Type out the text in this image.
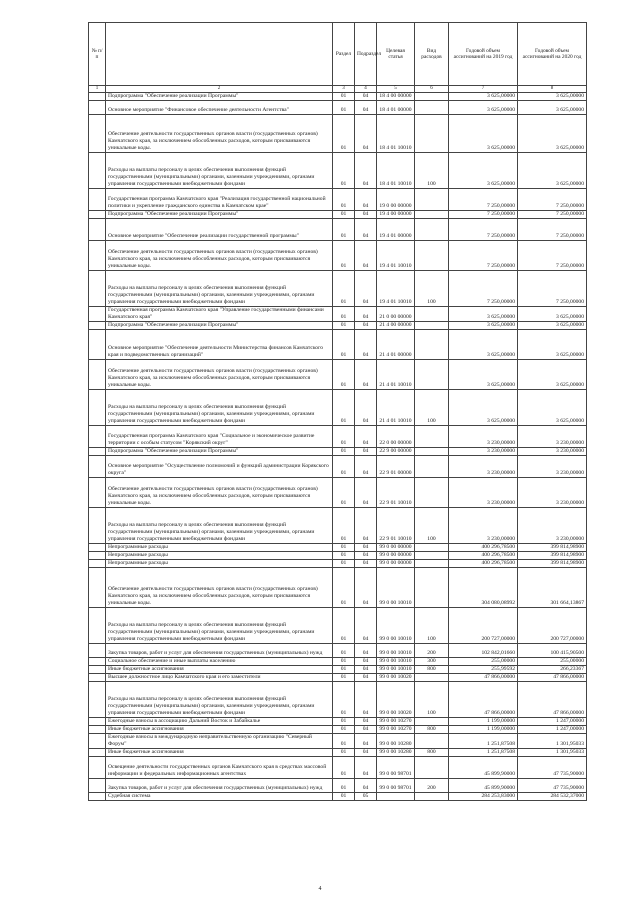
№ п/п		Раздел	Подраздел	Целевая статья	Вид расходов	Годовой объем ассигнований на 2019 год	Годовой объем ассигнований на 2020 год
1	2	3	4	5	6	7	8
	Подпрограмма "Обеспечение реализации Программы"	01	04	18 4 00 00000		3 625,00000	3 625,00000
	Основное мероприятие "Финансовое обеспечение деятельности Агентства"	01	04	18 4 01 00000		3 625,00000	3 625,00000
	Обеспечение деятельности государственных органов власти (государственных органов) Камчатского края, за исключением обособленных расходов, которым присваиваются уникальные коды.	01	04	18 4 01 10010		3 625,00000	3 625,00000
	Расходы на выплаты персоналу в целях обеспечения выполнения функций государственными (муниципальными) органами, казенными учреждениями, органами управления государственными внебюджетными фондами	01	04	18 4 01 10010	100	3 625,00000	3 625,00000
	Государственная программа Камчатского края "Реализация государственной национальной политики и укрепление гражданского единства в Камчатском крае"	01	04	19 0 00 00000		7 250,00000	7 250,00000
	Подпрограмма "Обеспечение реализации Программы"	01	04	19 4 00 00000		7 250,00000	7 250,00000
	Основное мероприятие "Обеспечение реализации государственной программы"	01	04	19 4 01 00000		7 250,00000	7 250,00000
	Обеспечение деятельности государственных органов власти (государственных органов) Камчатского края, за исключением обособленных расходов, которым присваиваются уникальные коды.	01	04	19 4 01 10010		7 250,00000	7 250,00000
	Расходы на выплаты персоналу в целях обеспечения выполнения функций государственными (муниципальными) органами, казенными учреждениями, органами управления государственными внебюджетными фондами	01	04	19 4 01 10010	100	7 250,00000	7 250,00000
	Государственная программа Камчатского края "Управление государственными финансами Камчатского края"	01	04	21 0 00 00000		3 625,00000	3 625,00000
	Подпрограмма "Обеспечение реализации Программы"	01	04	21 4 00 00000		3 625,00000	3 625,00000
	Основное мероприятие "Обеспечение деятельности Министерства финансов Камчатского края и подведомственных организаций"	01	04	21 4 01 00000		3 625,00000	3 625,00000
	Обеспечение деятельности государственных органов власти (государственных органов) Камчатского края, за исключением обособленных расходов, которым присваиваются уникальные коды.	01	04	21 4 01 10010		3 625,00000	3 625,00000
	Расходы на выплаты персоналу в целях обеспечения выполнения функций государственными (муниципальными) органами, казенными учреждениями, органами управления государственными внебюджетными фондами	01	04	21 4 01 10010	100	3 625,00000	3 625,00000
	Государственная программа Камчатского края "Социальное и экономическое развитие территории с особым статусом "Корякский округ"	01	04	22 0 00 00000		3 230,00000	3 230,00000
	Подпрограмма "Обеспечение реализации Программы"	01	04	22 9 00 00000		3 230,00000	3 230,00000
	Основное мероприятие "Осуществление полномочий и функций администрации Корякского округа"	01	04	22 9 01 00000		3 230,00000	3 230,00000
	Обеспечение деятельности государственных органов власти (государственных органов) Камчатского края, за исключением обособленных расходов, которым присваиваются уникальные коды.	01	04	22 9 01 10010		3 230,00000	3 230,00000
	Расходы на выплаты персоналу в целях обеспечения выполнения функций государственными (муниципальными) органами, казенными учреждениями, органами управления государственными внебюджетными фондами	01	04	22 9 01 10010	100	3 230,00000	3 230,00000
	Непрограммные расходы	01	04	99 0 00 00000		400 296,78500	399 814,98900
	Непрограммные расходы	01	04	99 0 00 00000		400 296,78500	399 814,98900
	Непрограммные расходы	01	04	99 0 00 00000		400 296,78500	399 814,98900
	Обеспечение деятельности государственных органов власти (государственных органов) Камчатского края, за исключением обособленных расходов, которым присваиваются уникальные коды.	01	04	99 0 00 10010		304 080,08992	301 664,13867
	Расходы на выплаты персоналу в целях обеспечения выполнения функций государственными (муниципальными) органами, казенными учреждениями, органами управления государственными внебюджетными фондами	01	04	99 0 00 10010	100	200 727,00000	200 727,00000
	Закупка товаров, работ и услуг для обеспечения государственных (муниципальных) нужд	01	04	99 0 00 10010	200	102 842,01660	100 415,90500
	Социальное обеспечение и иные выплаты населению	01	04	99 0 00 10010	300	255,00000	255,00000
	Иные бюджетные ассигнования	01	04	99 0 00 10010	800	255,99592	266,23367
	Высшее должностное лицо Камчатского края и его заместители	01	04	99 0 00 10020		47 866,00000	47 866,00000
	Расходы на выплаты персоналу в целях обеспечения выполнения функций государственными (муниципальными) органами, казенными учреждениями, органами управления государственными внебюджетными фондами	01	04	99 0 00 10020	100	47 866,00000	47 866,00000
	Ежегодные взносы в ассоциацию Дальний Восток и Забайкалье	01	04	99 0 00 10270		1 199,00000	1 247,00000
	Иные бюджетные ассигнования	01	04	99 0 00 10270	800	1 199,00000	1 247,00000
	Ежегодные взносы в международную неправительственную организацию "Северный Форум"	01	04	99 0 00 10280		1 251,87508	1 301,95033
	Иные бюджетные ассигнования	01	04	99 0 00 10280	800	1 251,87508	1 301,95033
	Освещение деятельности государственных органов Камчатского края в средствах массовой информации и федеральных информационных агентствах	01	04	99 0 00 98701		45 899,90000	47 735,90000
	Закупка товаров, работ и услуг для обеспечения государственных (муниципальных) нужд	01	04	99 0 00 98701	200	45 899,90000	47 735,90000
	Судебная система	01	05			284 253,83000	284 532,37000
4
